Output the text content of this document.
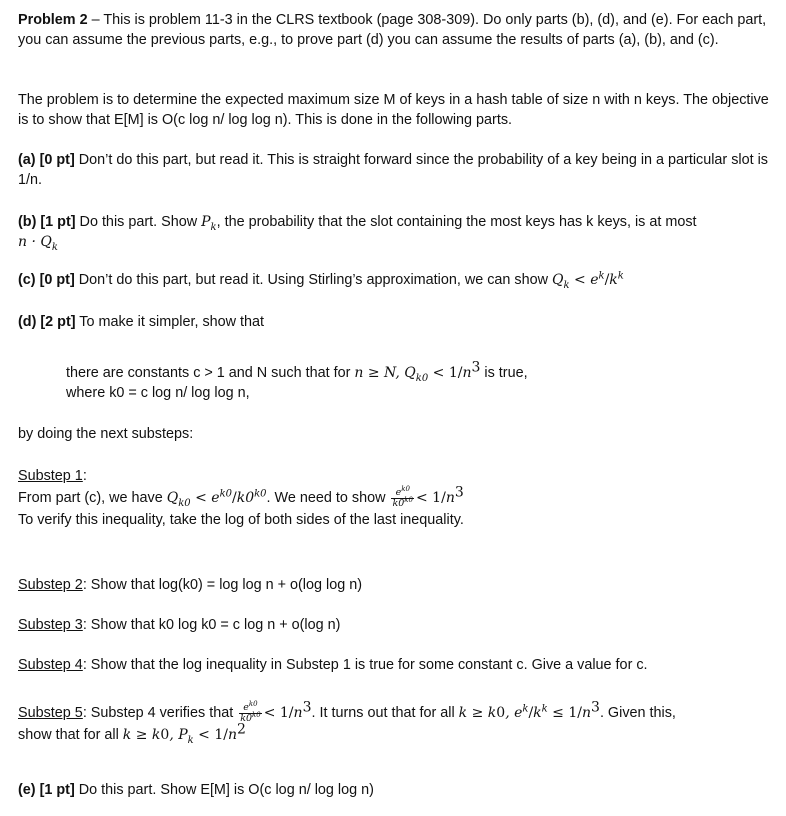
Problem 2 – This is problem 11-3 in the CLRS textbook (page 308-309). Do only parts (b), (d), and (e). For each part, you can assume the previous parts, e.g., to prove part (d) you can assume the results of parts (a), (b), and (c).

The problem is to determine the expected maximum size M of keys in a hash table of size n with n keys. The objective is to show that E[M] is O(c log n/ log log n). This is done in the following parts.

(a) [0 pt] Don’t do this part, but read it. This is straight forward since the probability of a key being in a particular slot is 1/n.

(b) [1 pt] Do this part. Show $P_k$, the probability that the slot containing the most keys has k keys, is at most
$n \cdot Q_k$

(c) [0 pt] Don’t do this part, but read it. Using Stirling’s approximation, we can show $Q_k < e^k/k^k$

(d) [2 pt] To make it simpler, show that

there are constants c > 1 and N such that for n ≥ N, $Q_{k0} < 1/n^3$ is true,
where k0 = c log n/ log log n,

by doing the next substeps:

Substep 1:
From part (c), we have $Q_{k0} < e^{k0}/k0^{k0}$. We need to show $\frac{e^{k0}}{k0^{k0}} < 1/n^3$
To verify this inequality, take the log of both sides of the last inequality.

Substep 2: Show that log(k0) = log log n + o(log log n)

Substep 3: Show that k0 log k0 = c log n + o(log n)

Substep 4: Show that the log inequality in Substep 1 is true for some constant c. Give a value for c.

Substep 5: Substep 4 verifies that $\frac{e^{k0}}{k0^{k0}} < 1/n^3$. It turns out that for all k ≥ k0, $e^k/k^k \le 1/n^3$. Given this,
show that for all k ≥ k0, $P_k < 1/n^2$

(e) [1 pt] Do this part. Show E[M] is O(c log n/ log log n)
